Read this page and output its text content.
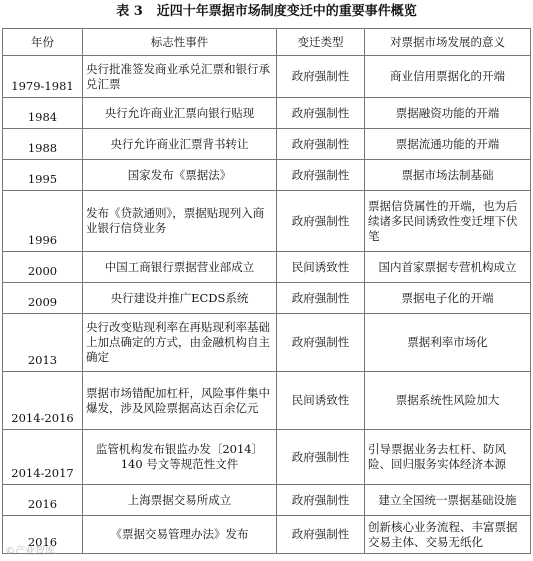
表 3 近四十年票据市场制度变迁中的重要事件概览
年份	标志性事件	变迁类型	对票据市场发展的意义
1979-1981	央行批准签发商业承兑汇票和银行承兑汇票	政府强制性	商业信用票据化的开端
1984	央行允许商业汇票向银行贴现	政府强制性	票据融资功能的开端
1988	央行允许商业汇票背书转让	政府强制性	票据流通功能的开端
1995	国家发布《票据法》	政府强制性	票据市场法制基础
1996	发布《贷款通则》，票据贴现列入商业银行信贷业务	政府强制性	票据信贷属性的开端，也为后续诸多民间诱致性变迁埋下伏笔
2000	中国工商银行票据营业部成立	民间诱致性	国内首家票据专营机构成立
2009	央行建设并推广ECDS系统	政府强制性	票据电子化的开端
2013	央行改变贴现利率在再贴现利率基础上加点确定的方式，由金融机构自主确定	政府强制性	票据利率市场化
2014-2016	票据市场错配加杠杆，风险事件集中爆发，涉及风险票据高达百余亿元	民间诱致性	票据系统性风险加大
2014-2017	监管机构发布银监办发〔2014〕140 号文等规范性文件	政府强制性	引导票据业务去杠杆、防风险、回归服务实体经济本源
2016	上海票据交易所成立	政府强制性	建立全国统一票据基础设施
2016	《票据交易管理办法》发布	政府强制性	创新核心业务流程、丰富票据交易主体、交易无纸化
©产业智库
